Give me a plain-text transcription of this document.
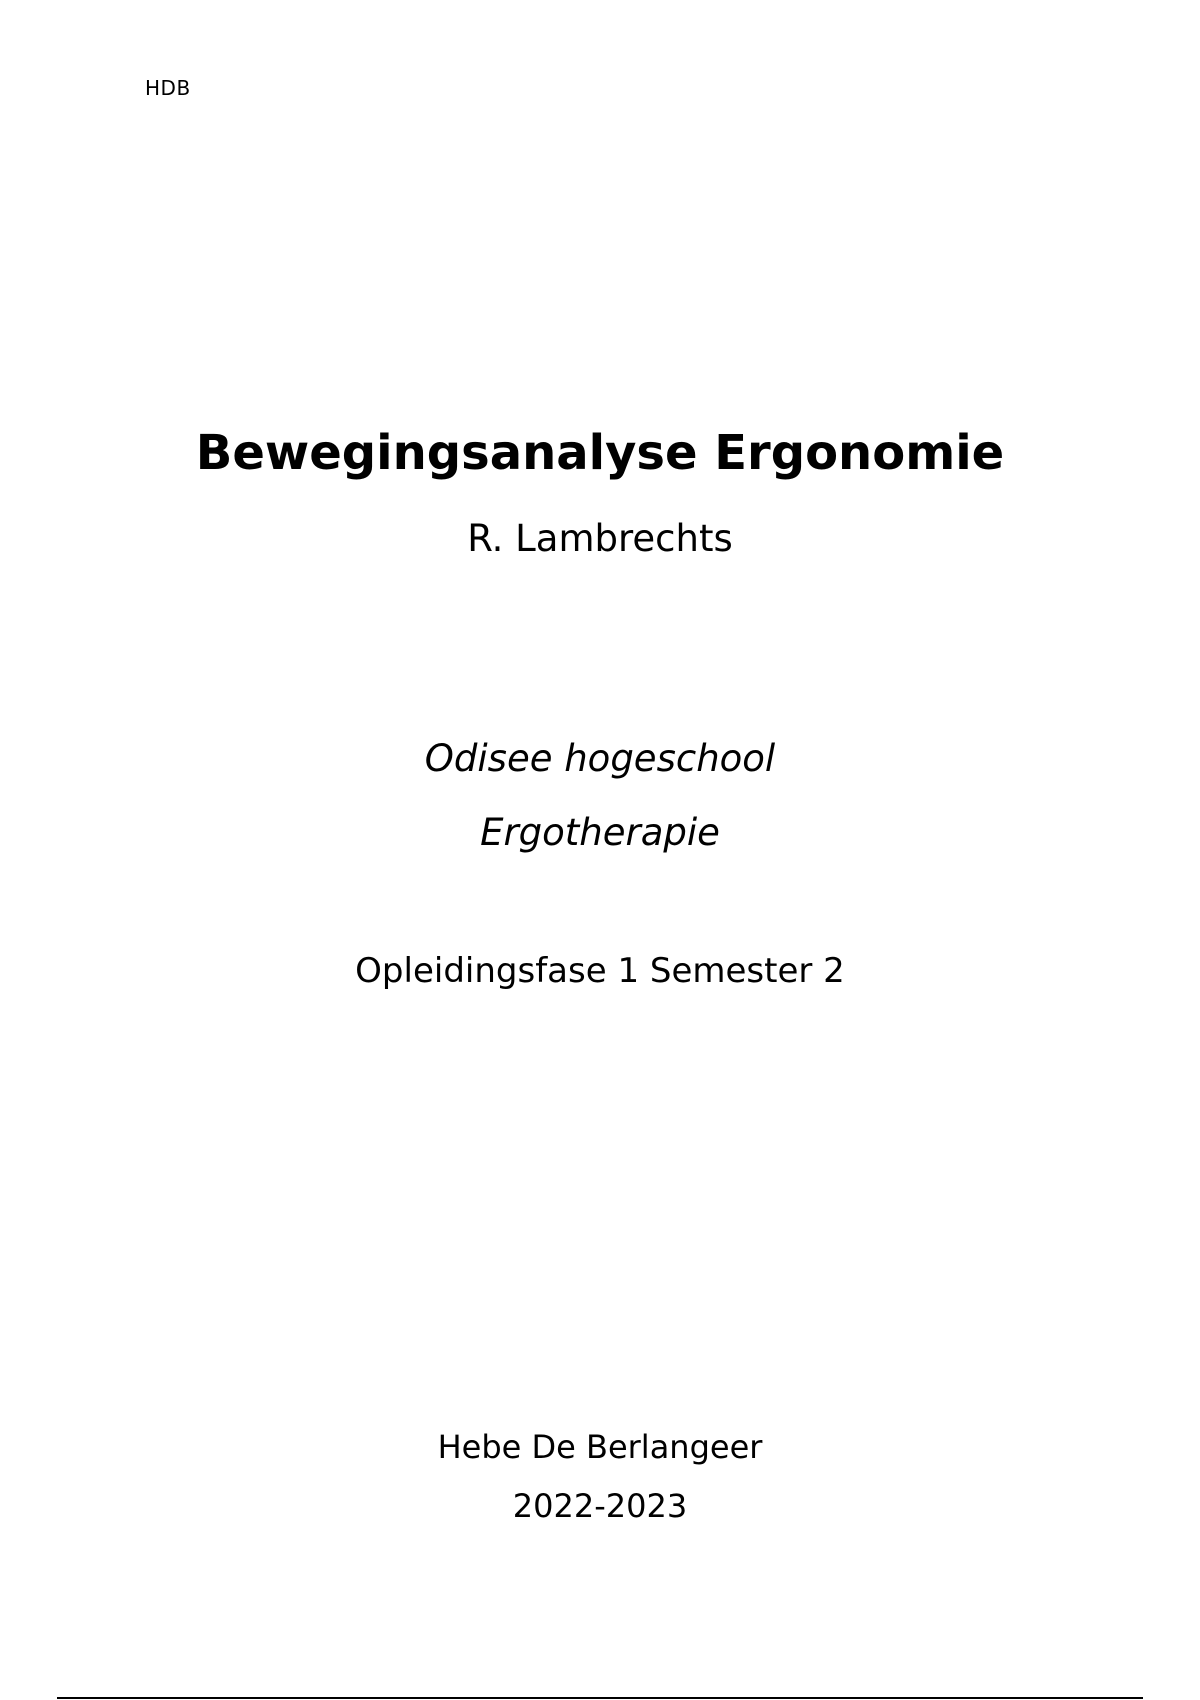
HDB
Bewegingsanalyse Ergonomie
R. Lambrechts
Odisee hogeschool
Ergotherapie
Opleidingsfase 1 Semester 2
Hebe De Berlangeer
2022-2023
